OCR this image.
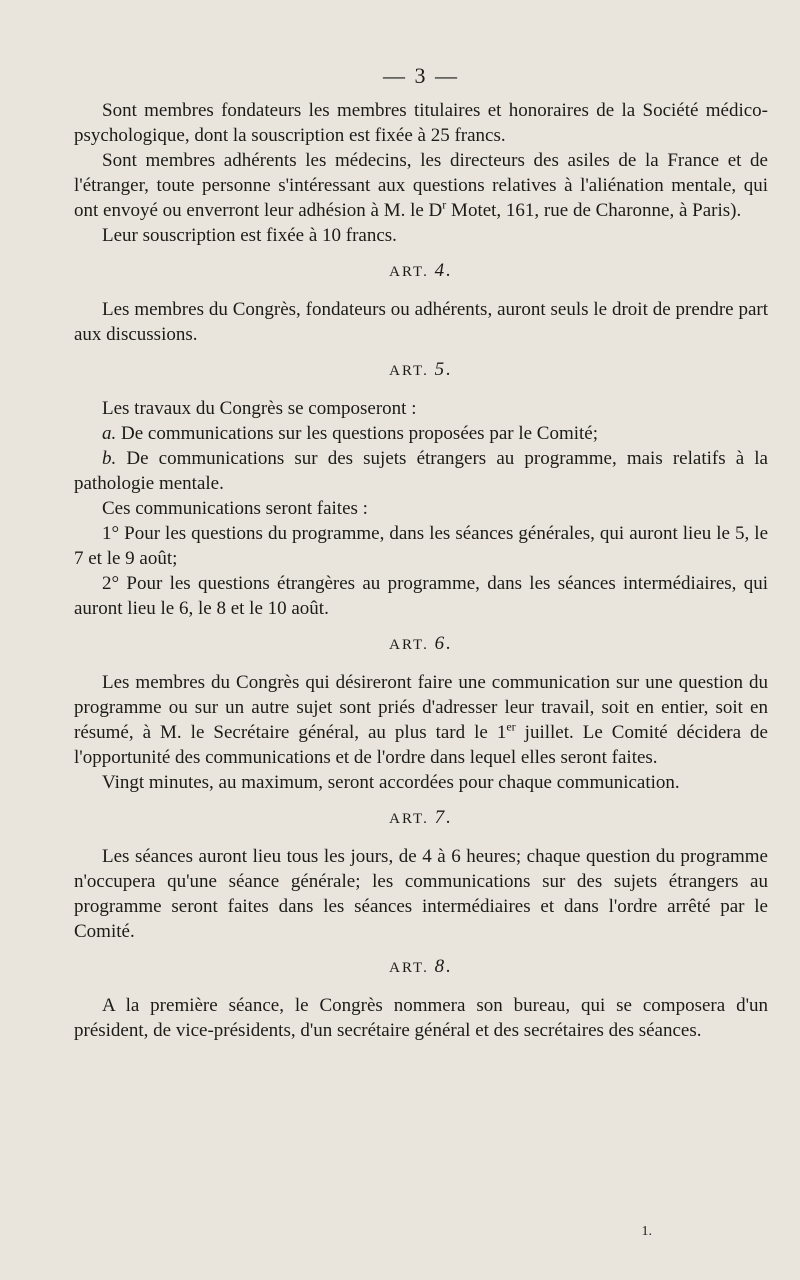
— 3 —

Sont membres fondateurs les membres titulaires et honoraires de la Société médico-psychologique, dont la souscription est fixée à 25 francs.

Sont membres adhérents les médecins, les directeurs des asiles de la France et de l'étranger, toute personne s'intéressant aux questions relatives à l'aliénation mentale, qui ont envoyé ou enverront leur adhésion à M. le $D^r$ Motet, 161, rue de Charonne, à Paris).

Leur souscription est fixée à 10 francs.

ART. 4.

Les membres du Congrès, fondateurs ou adhérents, auront seuls le droit de prendre part aux discussions.

ART. 5.

Les travaux du Congrès se composeront :

a. De communications sur les questions proposées par le Comité;

b. De communications sur des sujets étrangers au programme, mais relatifs à la pathologie mentale.

Ces communications seront faites :

1° Pour les questions du programme, dans les séances générales, qui auront lieu le 5, le 7 et le 9 août;

2° Pour les questions étrangères au programme, dans les séances intermédiaires, qui auront lieu le 6, le 8 et le 10 août.

ART. 6.

Les membres du Congrès qui désireront faire une communication sur une question du programme ou sur un autre sujet sont priés d'adresser leur travail, soit en entier, soit en résumé, à M. le Secrétaire général, au plus tard le 1er juillet. Le Comité décidera de l'opportunité des communications et de l'ordre dans lequel elles seront faites.

Vingt minutes, au maximum, seront accordées pour chaque communication.

ART. 7.

Les séances auront lieu tous les jours, de 4 à 6 heures; chaque question du programme n'occupera qu'une séance générale; les communications sur des sujets étrangers au programme seront faites dans les séances intermédiaires et dans l'ordre arrêté par le Comité.

ART. 8.

A la première séance, le Congrès nommera son bureau, qui se composera d'un président, de vice-présidents, d'un secrétaire général et des secrétaires des séances.

1.
